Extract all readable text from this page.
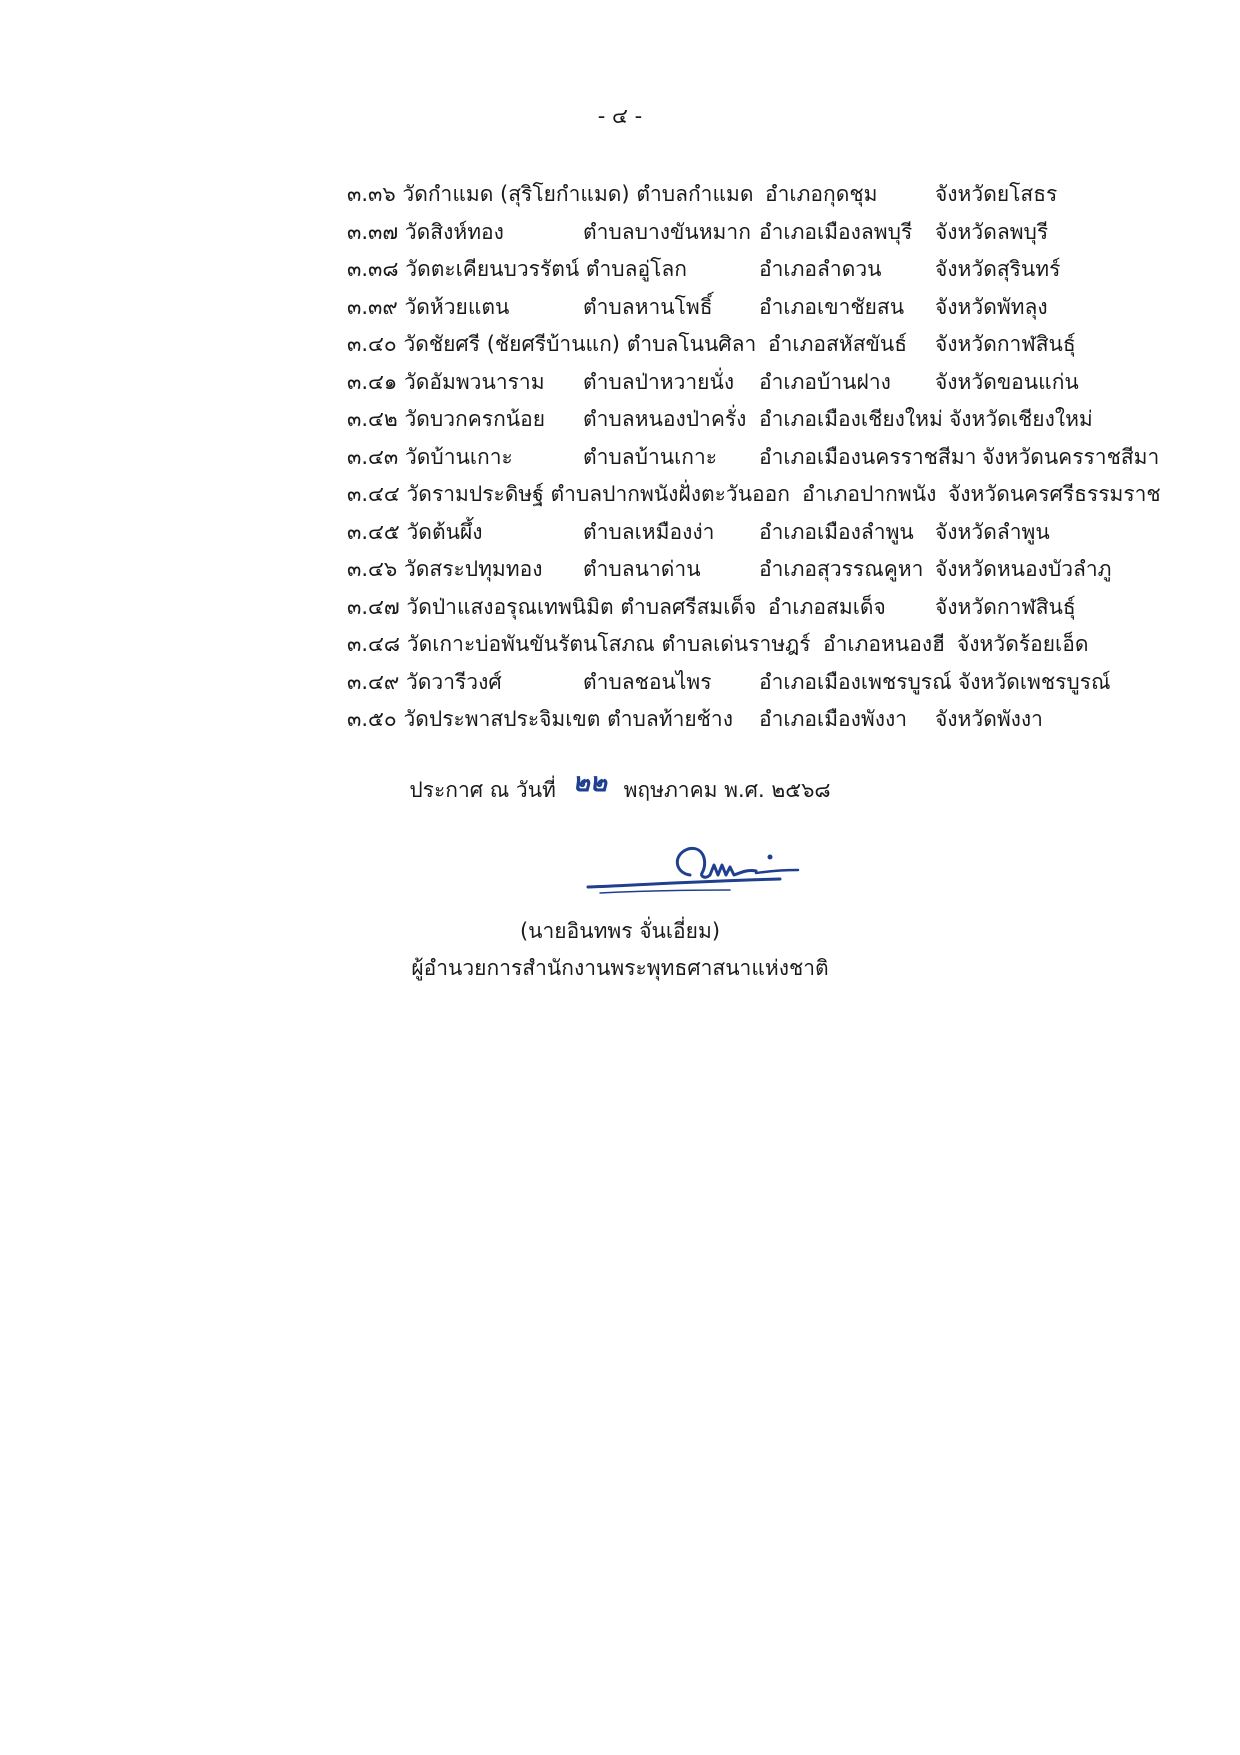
- ๔ -
๓.๓๖ วัดกำแมด (สุริโยกำแมด) ตำบลกำแมด อำเภอกุดชุม	จังหวัดยโสธร
๓.๓๗ วัดสิงห์ทอง	ตำบลบางขันหมาก อำเภอเมืองลพบุรี จังหวัดลพบุรี
๓.๓๘ วัดตะเคียนบวรรัตน์ ตำบลอู่โลก	อำเภอลำดวน	จังหวัดสุรินทร์
๓.๓๙ วัดห้วยแตน	ตำบลหานโพธิ์ อำเภอเขาชัยสน จังหวัดพัทลุง
๓.๔๐ วัดชัยศรี (ชัยศรีบ้านแก) ตำบลโนนศิลา อำเภอสหัสขันธ์ จังหวัดกาฬสินธุ์
๓.๔๑ วัดอัมพวนาราม ตำบลป่าหวายนั่ง อำเภอบ้านฝาง จังหวัดขอนแก่น
๓.๔๒ วัดบวกครกน้อย ตำบลหนองป่าครั่ง อำเภอเมืองเชียงใหม่ จังหวัดเชียงใหม่
๓.๔๓ วัดบ้านเกาะ	ตำบลบ้านเกาะ อำเภอเมืองนครราชสีมา จังหวัดนครราชสีมา
๓.๔๔ วัดรามประดิษฐ์ ตำบลปากพนังฝั่งตะวันออก อำเภอปากพนัง จังหวัดนครศรีธรรมราช
๓.๔๕ วัดต้นผึ้ง	ตำบลเหมืองง่า อำเภอเมืองลำพูน จังหวัดลำพูน
๓.๔๖ วัดสระปทุมทอง ตำบลนาด่าน	อำเภอสุวรรณคูหา จังหวัดหนองบัวลำภู
๓.๔๗ วัดป่าแสงอรุณเทพนิมิต ตำบลศรีสมเด็จ อำเภอสมเด็จ จังหวัดกาฬสินธุ์
๓.๔๘ วัดเกาะบ่อพันขันรัตนโสภณ ตำบลเด่นราษฎร์ อำเภอหนองฮี จังหวัดร้อยเอ็ด
๓.๔๙ วัดวารีวงศ์	ตำบลชอนไพร อำเภอเมืองเพชรบูรณ์ จังหวัดเพชรบูรณ์
๓.๕๐ วัดประพาสประจิมเขต ตำบลท้ายช้าง อำเภอเมืองพังงา จังหวัดพังงา
ประกาศ ณ วันที่ ๒๒ พฤษภาคม พ.ศ. ๒๕๖๘
(นายอินทพร จั่นเอี่ยม)
ผู้อำนวยการสำนักงานพระพุทธศาสนาแห่งชาติ
